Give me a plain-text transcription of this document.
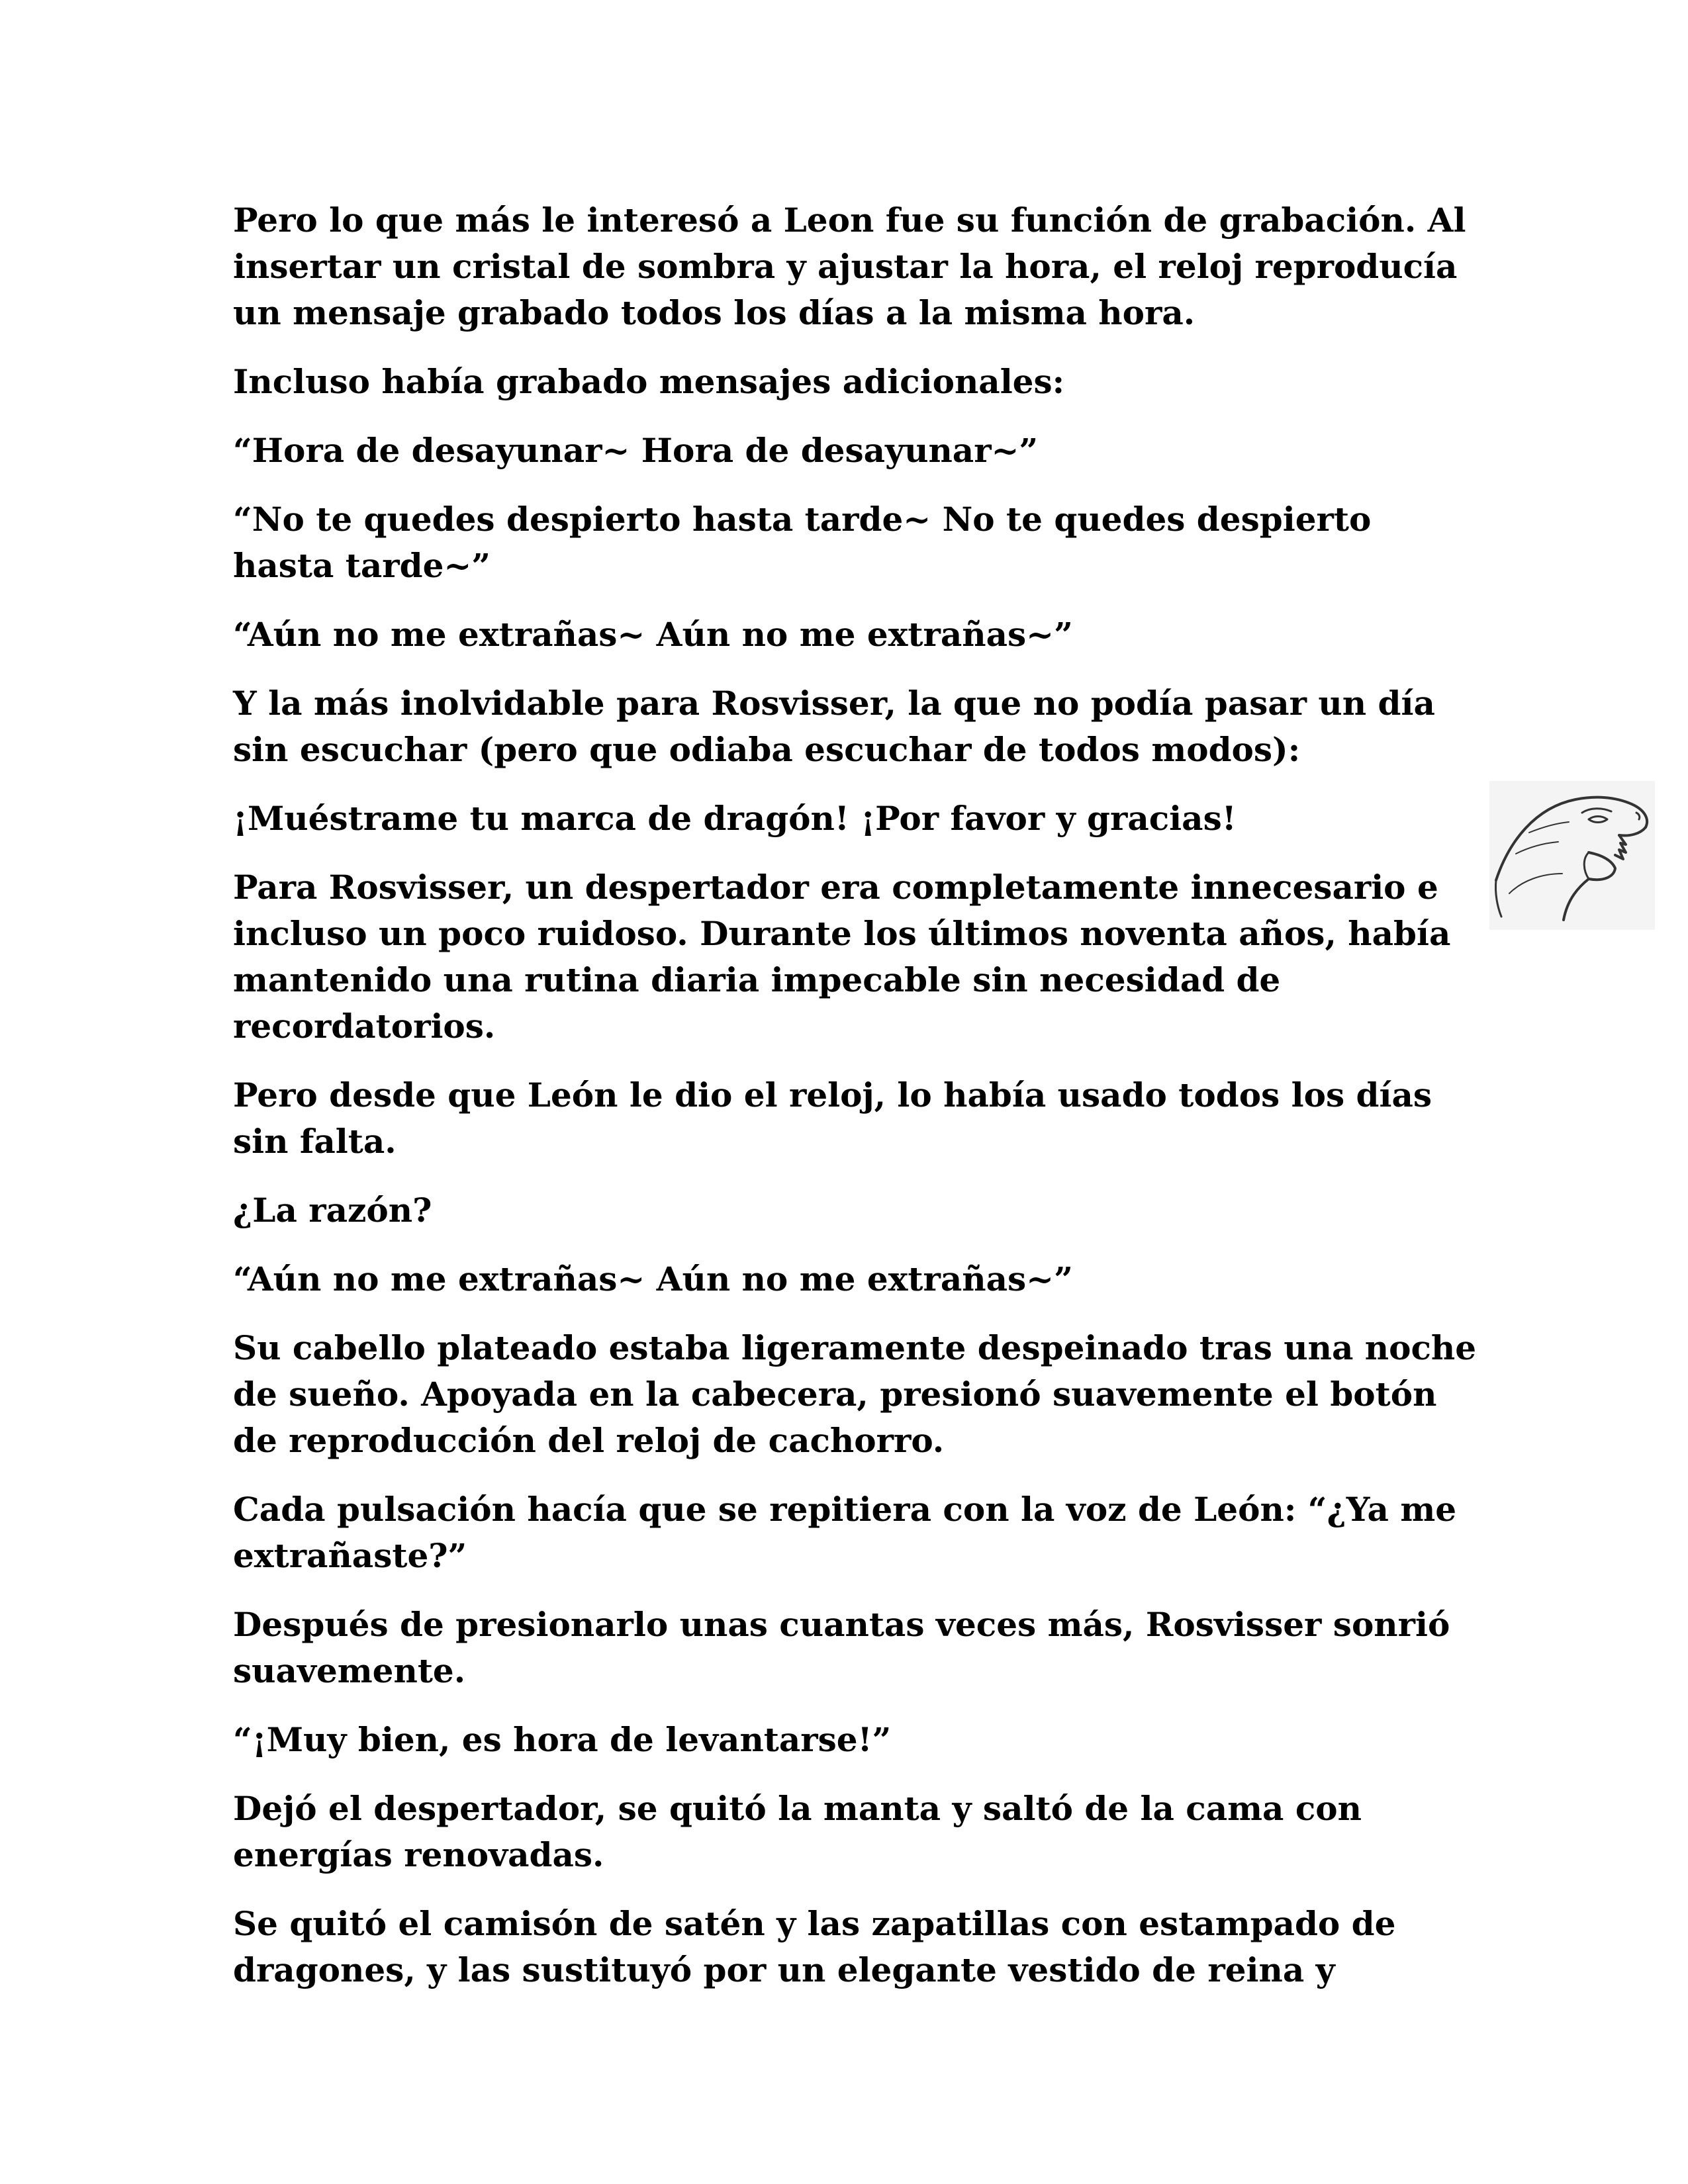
Pero lo que más le interesó a Leon fue su función de grabación. Al insertar un cristal de sombra y ajustar la hora, el reloj reproducía un mensaje grabado todos los días a la misma hora.

Incluso había grabado mensajes adicionales:

“Hora de desayunar~ Hora de desayunar~”

“No te quedes despierto hasta tarde~ No te quedes despierto hasta tarde~”

“Aún no me extrañas~ Aún no me extrañas~”

Y la más inolvidable para Rosvisser, la que no podía pasar un día sin escuchar (pero que odiaba escuchar de todos modos):

¡Muéstrame tu marca de dragón! ¡Por favor y gracias!

Para Rosvisser, un despertador era completamente innecesario e incluso un poco ruidoso. Durante los últimos noventa años, había mantenido una rutina diaria impecable sin necesidad de recordatorios.

Pero desde que León le dio el reloj, lo había usado todos los días sin falta.

¿La razón?

“Aún no me extrañas~ Aún no me extrañas~”

Su cabello plateado estaba ligeramente despeinado tras una noche de sueño. Apoyada en la cabecera, presionó suavemente el botón de reproducción del reloj de cachorro.

Cada pulsación hacía que se repitiera con la voz de León: “¿Ya me extrañaste?”

Después de presionarlo unas cuantas veces más, Rosvisser sonrió suavemente.

“¡Muy bien, es hora de levantarse!”

Dejó el despertador, se quitó la manta y saltó de la cama con energías renovadas.

Se quitó el camisón de satén y las zapatillas con estampado de dragones, y las sustituyó por un elegante vestido de reina y
